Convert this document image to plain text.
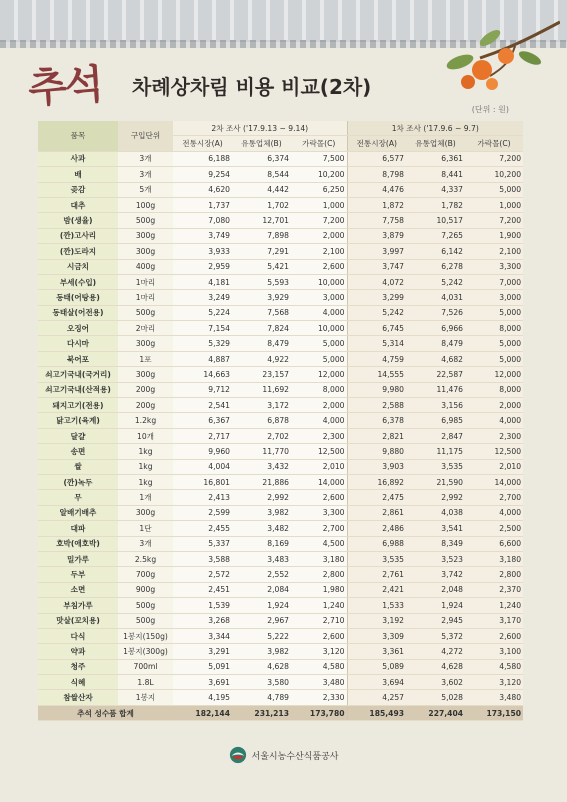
추석 차례상차림 비용 비교(2차)
(단위 : 원)
품목	구입단위	2차 조사 ('17.9.13 ~ 9.14)			1차 조사 ('17.9.6 ~ 9.7)		
		전통시장(A)	유통업체(B)	가락몰(C)	전통시장(A)	유통업체(B)	가락몰(C)
사과	3개	6,188	6,374	7,500	6,577	6,361	7,200
배	3개	9,254	8,544	10,200	8,798	8,441	10,200
곶감	5개	4,620	4,442	6,250	4,476	4,337	5,000
대추	100g	1,737	1,702	1,000	1,872	1,782	1,000
밤(생율)	500g	7,080	12,701	7,200	7,758	10,517	7,200
(깐)고사리	300g	3,749	7,898	2,000	3,879	7,265	1,900
(깐)도라지	300g	3,933	7,291	2,100	3,997	6,142	2,100
시금치	400g	2,959	5,421	2,600	3,747	6,278	3,300
부세(수입)	1마리	4,181	5,593	10,000	4,072	5,242	7,000
동태(어탕용)	1마리	3,249	3,929	3,000	3,299	4,031	3,000
동태살(어전용)	500g	5,224	7,568	4,000	5,242	7,526	5,000
오징어	2마리	7,154	7,824	10,000	6,745	6,966	8,000
다시마	300g	5,329	8,479	5,000	5,314	8,479	5,000
북어포	1포	4,887	4,922	5,000	4,759	4,682	5,000
쇠고기국내(국거리)	300g	14,663	23,157	12,000	14,555	22,587	12,000
쇠고기국내(산적용)	200g	9,712	11,692	8,000	9,980	11,476	8,000
돼지고기(전용)	200g	2,541	3,172	2,000	2,588	3,156	2,000
닭고기(육계)	1.2kg	6,367	6,878	4,000	6,378	6,985	4,000
달걀	10개	2,717	2,702	2,300	2,821	2,847	2,300
송편	1kg	9,960	11,770	12,500	9,880	11,175	12,500
쌀	1kg	4,004	3,432	2,010	3,903	3,535	2,010
(깐)녹두	1kg	16,801	21,886	14,000	16,892	21,590	14,000
무	1개	2,413	2,992	2,600	2,475	2,992	2,700
알배기배추	300g	2,599	3,982	3,300	2,861	4,038	4,000
대파	1단	2,455	3,482	2,700	2,486	3,541	2,500
호박(애호박)	3개	5,337	8,169	4,500	6,988	8,349	6,600
밀가루	2.5kg	3,588	3,483	3,180	3,535	3,523	3,180
두부	700g	2,572	2,552	2,800	2,761	3,742	2,800
소면	900g	2,451	2,084	1,980	2,421	2,048	2,370
부침가루	500g	1,539	1,924	1,240	1,533	1,924	1,240
맛살(꼬치용)	500g	3,268	2,967	2,710	3,192	2,945	3,170
다식	1봉지(150g)	3,344	5,222	2,600	3,309	5,372	2,600
약과	1봉지(300g)	3,291	3,982	3,120	3,361	4,272	3,100
청주	700ml	5,091	4,628	4,580	5,089	4,628	4,580
식혜	1.8L	3,691	3,580	3,480	3,694	3,602	3,120
참쌀산자	1봉지	4,195	4,789	2,330	4,257	5,028	3,480
추석 성수품 합계		182,144	231,213	173,780	185,493	227,404	173,150
서울시농수산식품공사
